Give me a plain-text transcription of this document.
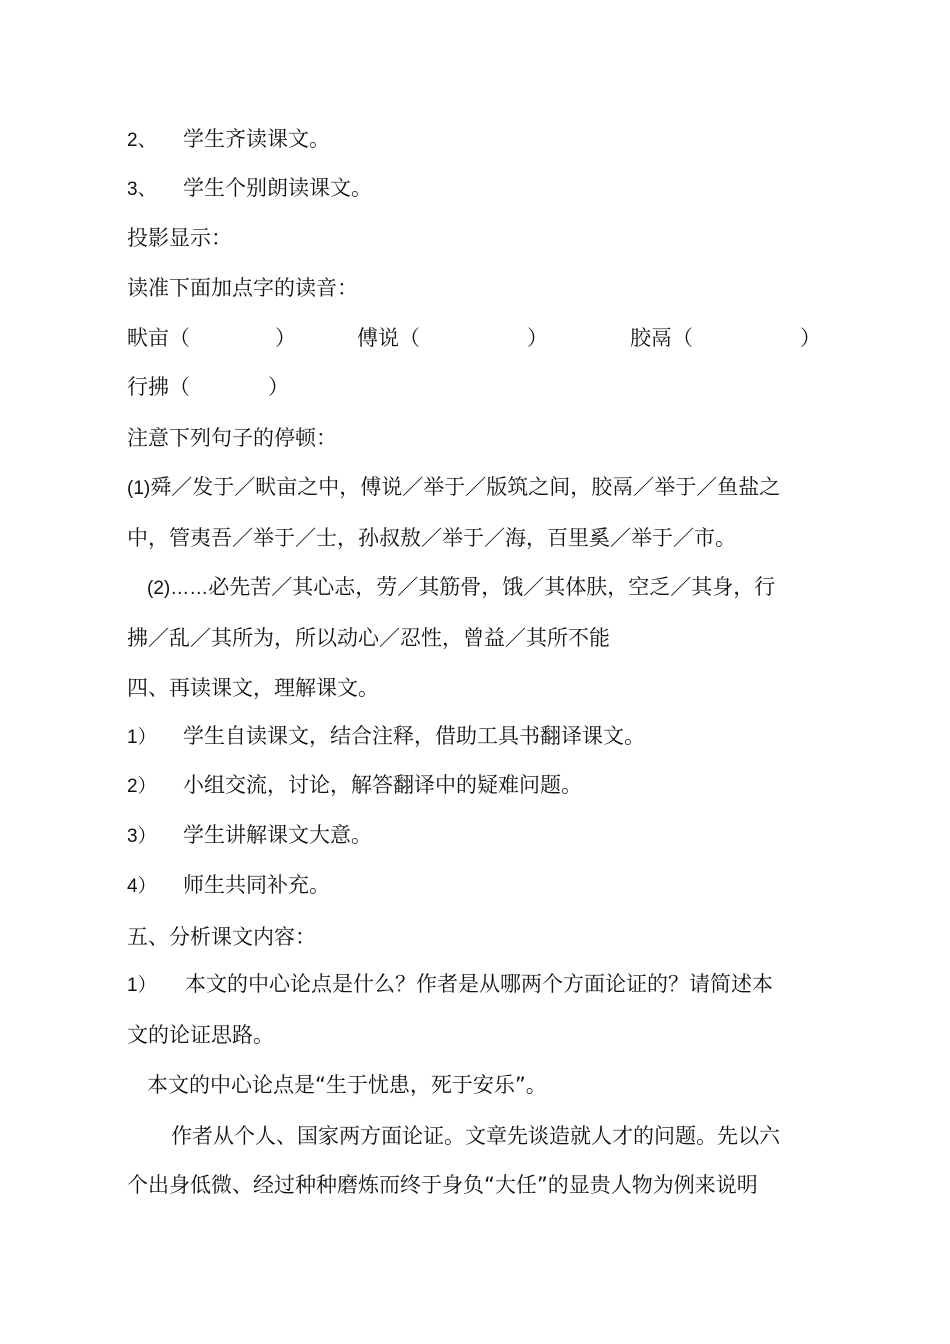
2、 学生齐读课文。
3、 学生个别朗读课文。
投影显示：
读准下面加点字的读音：
畎亩（	）	傅说（	）	胶鬲（	）
行拂（	）
注意下列句子的停顿：
(1)舜／发于／畎亩之中，傅说／举于／版筑之间，胶鬲／举于／鱼盐之
中，管夷吾／举于／士，孙叔敖／举于／海，百里奚／举于／市。
(2)……必先苦／其心志，劳／其筋骨，饿／其体肤，空乏／其身，行
拂／乱／其所为，所以动心／忍性，曾益／其所不能
四、再读课文，理解课文。
1） 学生自读课文，结合注释，借助工具书翻译课文。
2） 小组交流，讨论，解答翻译中的疑难问题。
3） 学生讲解课文大意。
4） 师生共同补充。
五、分析课文内容：
1） 本文的中心论点是什么？作者是从哪两个方面论证的？请简述本
文的论证思路。
本文的中心论点是“生于忧患，死于安乐”。
作者从个人、国家两方面论证。文章先谈造就人才的问题。先以六
个出身低微、经过种种磨炼而终于身负“大任”的显贵人物为例来说明
